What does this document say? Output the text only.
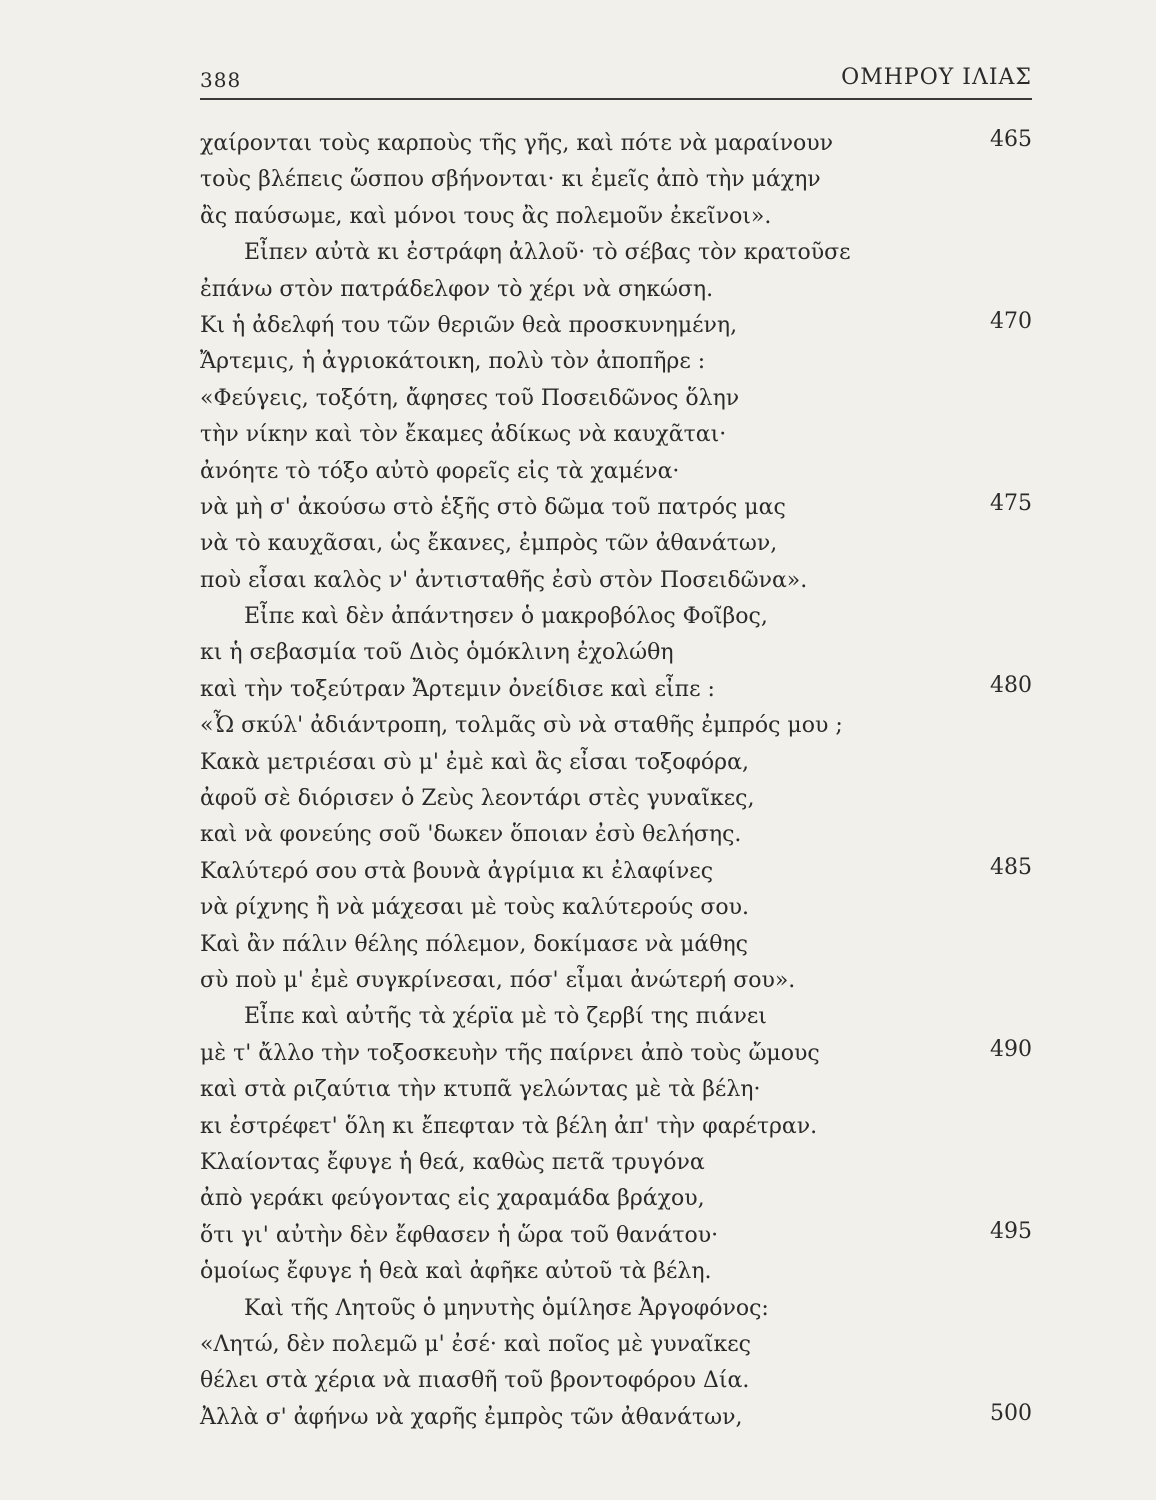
388	ΟΜΗΡΟΥ ΙΛΙΑΣ
χαίρονται τοὺς καρποὺς τῆς γῆς, καὶ πότε νὰ μαραίνουν	465
τοὺς βλέπεις ὥσπου σβήνονται· κι ἐμεῖς ἀπὸ τὴν μάχην
ἂς παύσωμε, καὶ μόνοι τους ἂς πολεμοῦν ἐκεῖνοι».
Εἶπεν αὐτὰ κι ἐστράφη ἀλλοῦ· τὸ σέβας τὸν κρατοῦσε
ἐπάνω στὸν πατράδελφον τὸ χέρι νὰ σηκώση.
Κι ἡ ἀδελφή του τῶν θεριῶν θεὰ προσκυνημένη,	470
Ἄρτεμις, ἡ ἀγριοκάτοικη, πολὺ τὸν ἀποπῆρε :
«Φεύγεις, τοξότη, ἄφησες τοῦ Ποσειδῶνος ὅλην
τὴν νίκην καὶ τὸν ἔκαμες ἀδίκως νὰ καυχᾶται·
ἀνόητε τὸ τόξο αὐτὸ φορεῖς εἰς τὰ χαμένα·
νὰ μὴ σ' ἀκούσω στὸ ἑξῆς στὸ δῶμα τοῦ πατρός μας	475
νὰ τὸ καυχᾶσαι, ὡς ἔκανες, ἐμπρὸς τῶν ἀθανάτων,
ποὺ εἶσαι καλὸς ν' ἀντισταθῆς ἐσὺ στὸν Ποσειδῶνα».
Εἶπε καὶ δὲν ἀπάντησεν ὁ μακροβόλος Φοῖβος,
κι ἡ σεβασμία τοῦ Διὸς ὁμόκλινη ἐχολώθη
καὶ τὴν τοξεύτραν Ἄρτεμιν ὀνείδισε καὶ εἶπε :	480
«Ὦ σκύλ' ἀδιάντροπη, τολμᾶς σὺ νὰ σταθῆς ἐμπρός μου ;
Κακὰ μετριέσαι σὺ μ' ἐμὲ καὶ ἂς εἶσαι τοξοφόρα,
ἀφοῦ σὲ διόρισεν ὁ Ζεὺς λεοντάρι στὲς γυναῖκες,
καὶ νὰ φονεύης σοῦ 'δωκεν ὅποιαν ἐσὺ θελήσης.
Καλύτερό σου στὰ βουνὰ ἀγρίμια κι ἐλαφίνες	485
νὰ ρίχνης ἢ νὰ μάχεσαι μὲ τοὺς καλύτερούς σου.
Καὶ ἂν πάλιν θέλης πόλεμον, δοκίμασε νὰ μάθης
σὺ ποὺ μ' ἐμὲ συγκρίνεσαι, πόσ' εἶμαι ἀνώτερή σου».
Εἶπε καὶ αὐτῆς τὰ χέρϊα μὲ τὸ ζερβί της πιάνει
μὲ τ' ἄλλο τὴν τοξοσκευὴν τῆς παίρνει ἀπὸ τοὺς ὤμους	490
καὶ στὰ ριζαύτια τὴν κτυπᾶ γελώντας μὲ τὰ βέλη·
κι ἐστρέφετ' ὅλη κι ἔπεφταν τὰ βέλη ἀπ' τὴν φαρέτραν.
Κλαίοντας ἔφυγε ἡ θεά, καθὼς πετᾶ τρυγόνα
ἀπὸ γεράκι φεύγοντας εἰς χαραμάδα βράχου,
ὅτι γι' αὐτὴν δὲν ἔφθασεν ἡ ὥρα τοῦ θανάτου·	495
ὁμοίως ἔφυγε ἡ θεὰ καὶ ἀφῆκε αὐτοῦ τὰ βέλη.
Καὶ τῆς Λητοῦς ὁ μηνυτὴς ὁμίλησε Ἀργοφόνος:
«Λητώ, δὲν πολεμῶ μ' ἐσέ· καὶ ποῖος μὲ γυναῖκες
θέλει στὰ χέρια νὰ πιασθῆ τοῦ βροντοφόρου Δία.
Ἀλλὰ σ' ἀφήνω νὰ χαρῆς ἐμπρὸς τῶν ἀθανάτων,	500
